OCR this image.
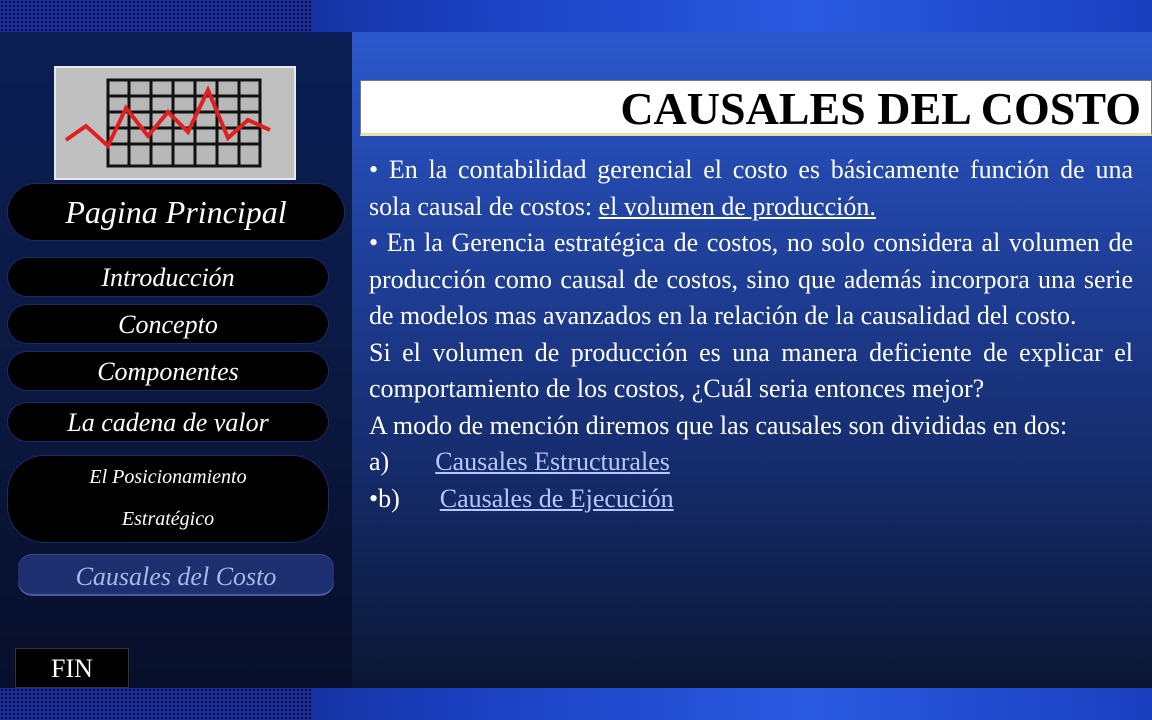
Pagina Principal
Introducción
Concepto
Componentes
La cadena de valor
El Posicionamiento
Estratégico
Causales del Costo
FIN
CAUSALES DEL COSTO

• En la contabilidad gerencial el costo es básicamente función de una sola causal de costos: el volumen de producción.

• En la Gerencia estratégica de costos, no solo considera al volumen de producción como causal de costos, sino que además incorpora una serie de modelos mas avanzados en la relación de la causalidad del costo.

Si el volumen de producción es una manera deficiente de explicar el comportamiento de los costos, ¿Cuál seria entonces mejor?

A modo de mención diremos que las causales son divididas en dos:

a) Causales Estructurales

•b) Causales de Ejecución
